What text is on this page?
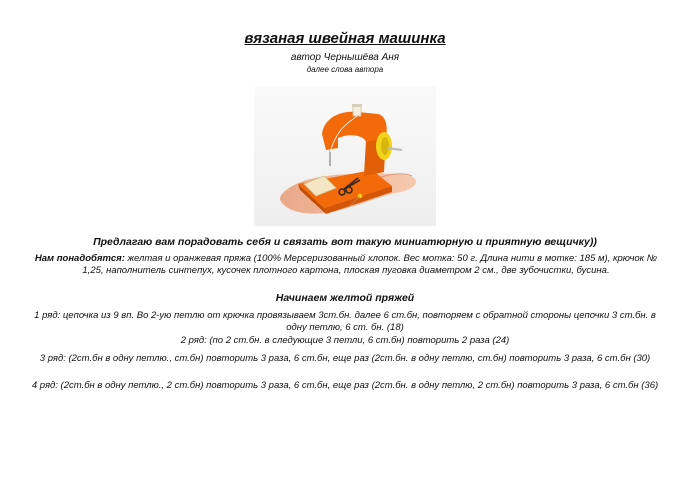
вязаная швейная машинка
автор Чернышёва Аня
далее слова автора
Предлагаю вам порадовать себя и связать вот такую миниатюрную и приятную вещичку))
Нам понадобятся: желтая и оранжевая пряжа (100% Мерсеризованный хлопок. Вес мотка: 50 г. Длина нити в мотке: 185 м), крючок № 1,25, наполнитель синтепух, кусочек плотного картона, плоская пуговка диаметром 2 см., две зубочистки, бусина.
Начинаем желтой пряжей
1 ряд: цепочка из 9 вп. Во 2-ую петлю от крючка провязываем 3ст.бн. далее 6 ст.бн, повторяем с обратной стороны цепочки 3 ст.бн. в одну петлю, 6 ст. бн. (18)
2 ряд: (по 2 ст.бн. в следующие 3 петли, 6 ст.бн) повторить 2 раза (24)
3 ряд: (2ст.бн в одну петлю., ст.бн) повторить 3 раза, 6 ст.бн, еще раз (2ст.бн. в одну петлю, ст.бн) повторить 3 раза, 6 ст.бн (30)
4 ряд: (2ст.бн в одну петлю., 2 ст.бн) повторить 3 раза, 6 ст.бн, еще раз (2ст.бн. в одну петлю, 2 ст.бн) повторить 3 раза, 6 ст.бн (36)
